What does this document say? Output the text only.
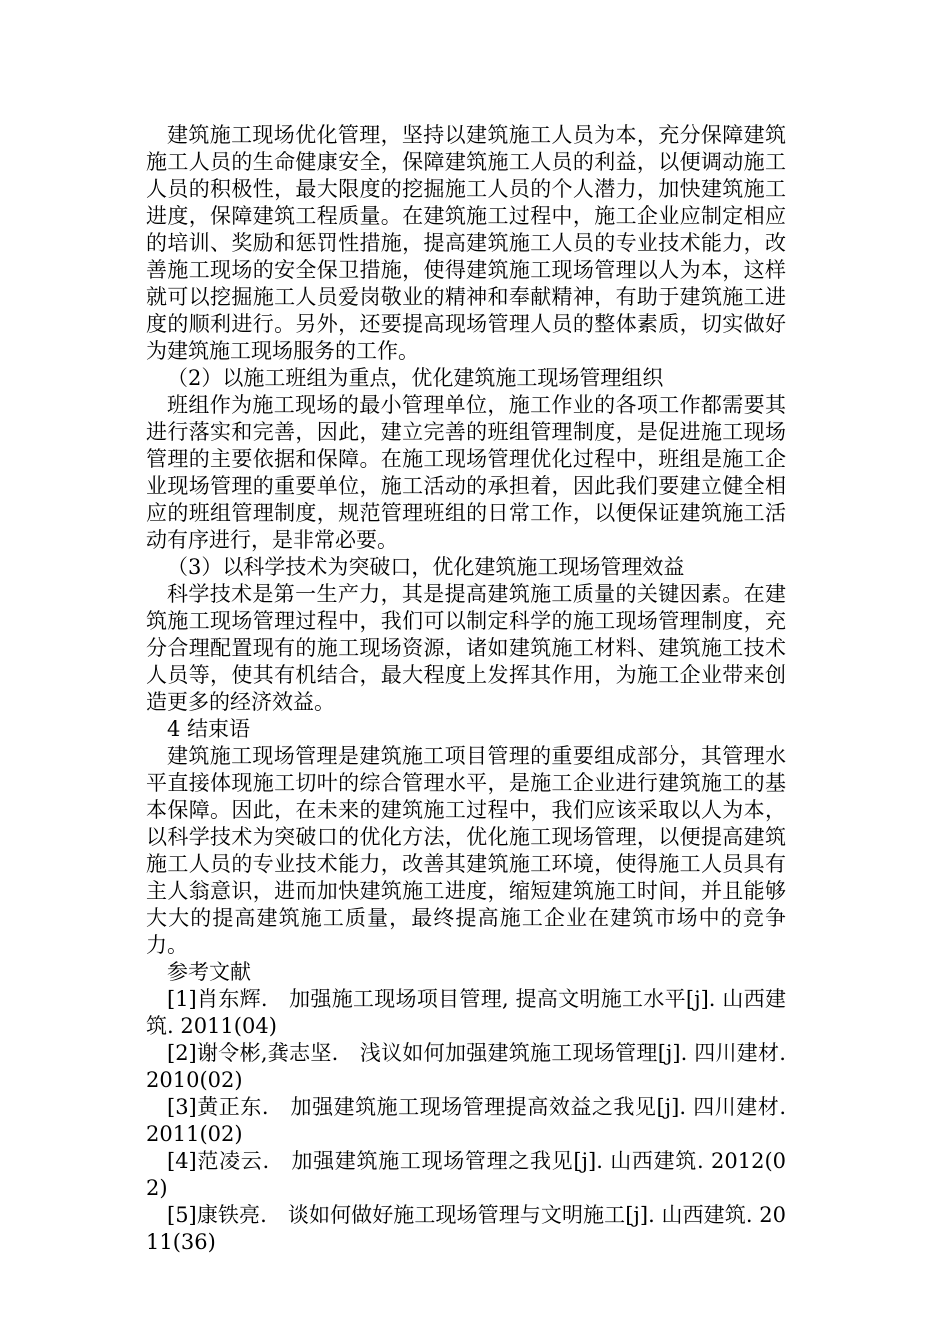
建筑施工现场优化管理，坚持以建筑施工人员为本，充分保障建筑施工人员的生命健康安全，保障建筑施工人员的利益，以便调动施工人员的积极性，最大限度的挖掘施工人员的个人潜力，加快建筑施工进度，保障建筑工程质量。在建筑施工过程中，施工企业应制定相应的培训、奖励和惩罚性措施，提高建筑施工人员的专业技术能力，改善施工现场的安全保卫措施，使得建筑施工现场管理以人为本，这样就可以挖掘施工人员爱岗敬业的精神和奉献精神，有助于建筑施工进度的顺利进行。另外，还要提高现场管理人员的整体素质，切实做好为建筑施工现场服务的工作。

（2）以施工班组为重点，优化建筑施工现场管理组织

班组作为施工现场的最小管理单位，施工作业的各项工作都需要其进行落实和完善，因此，建立完善的班组管理制度，是促进施工现场管理的主要依据和保障。在施工现场管理优化过程中，班组是施工企业现场管理的重要单位，施工活动的承担着，因此我们要建立健全相应的班组管理制度，规范管理班组的日常工作，以便保证建筑施工活动有序进行，是非常必要。

（3）以科学技术为突破口，优化建筑施工现场管理效益

科学技术是第一生产力，其是提高建筑施工质量的关键因素。在建筑施工现场管理过程中，我们可以制定科学的施工现场管理制度，充分合理配置现有的施工现场资源，诸如建筑施工材料、建筑施工技术人员等，使其有机结合，最大程度上发挥其作用，为施工企业带来创造更多的经济效益。

4 结束语

建筑施工现场管理是建筑施工项目管理的重要组成部分，其管理水平直接体现施工切叶的综合管理水平，是施工企业进行建筑施工的基本保障。因此，在未来的建筑施工过程中，我们应该采取以人为本，以科学技术为突破口的优化方法，优化施工现场管理，以便提高建筑施工人员的专业技术能力，改善其建筑施工环境，使得施工人员具有主人翁意识，进而加快建筑施工进度，缩短建筑施工时间，并且能够大大的提高建筑施工质量，最终提高施工企业在建筑市场中的竞争力。

参考文献

[1]肖东辉.　加强施工现场项目管理, 提高文明施工水平[j]. 山西建筑. 2011(04)

[2]谢令彬,龚志坚.　浅议如何加强建筑施工现场管理[j]. 四川建材. 2010(02)

[3]黄正东.　加强建筑施工现场管理提高效益之我见[j]. 四川建材. 2011(02)

[4]范凌云.　加强建筑施工现场管理之我见[j]. 山西建筑. 2012(02)

[5]康铁亮.　谈如何做好施工现场管理与文明施工[j]. 山西建筑. 2011(36)
